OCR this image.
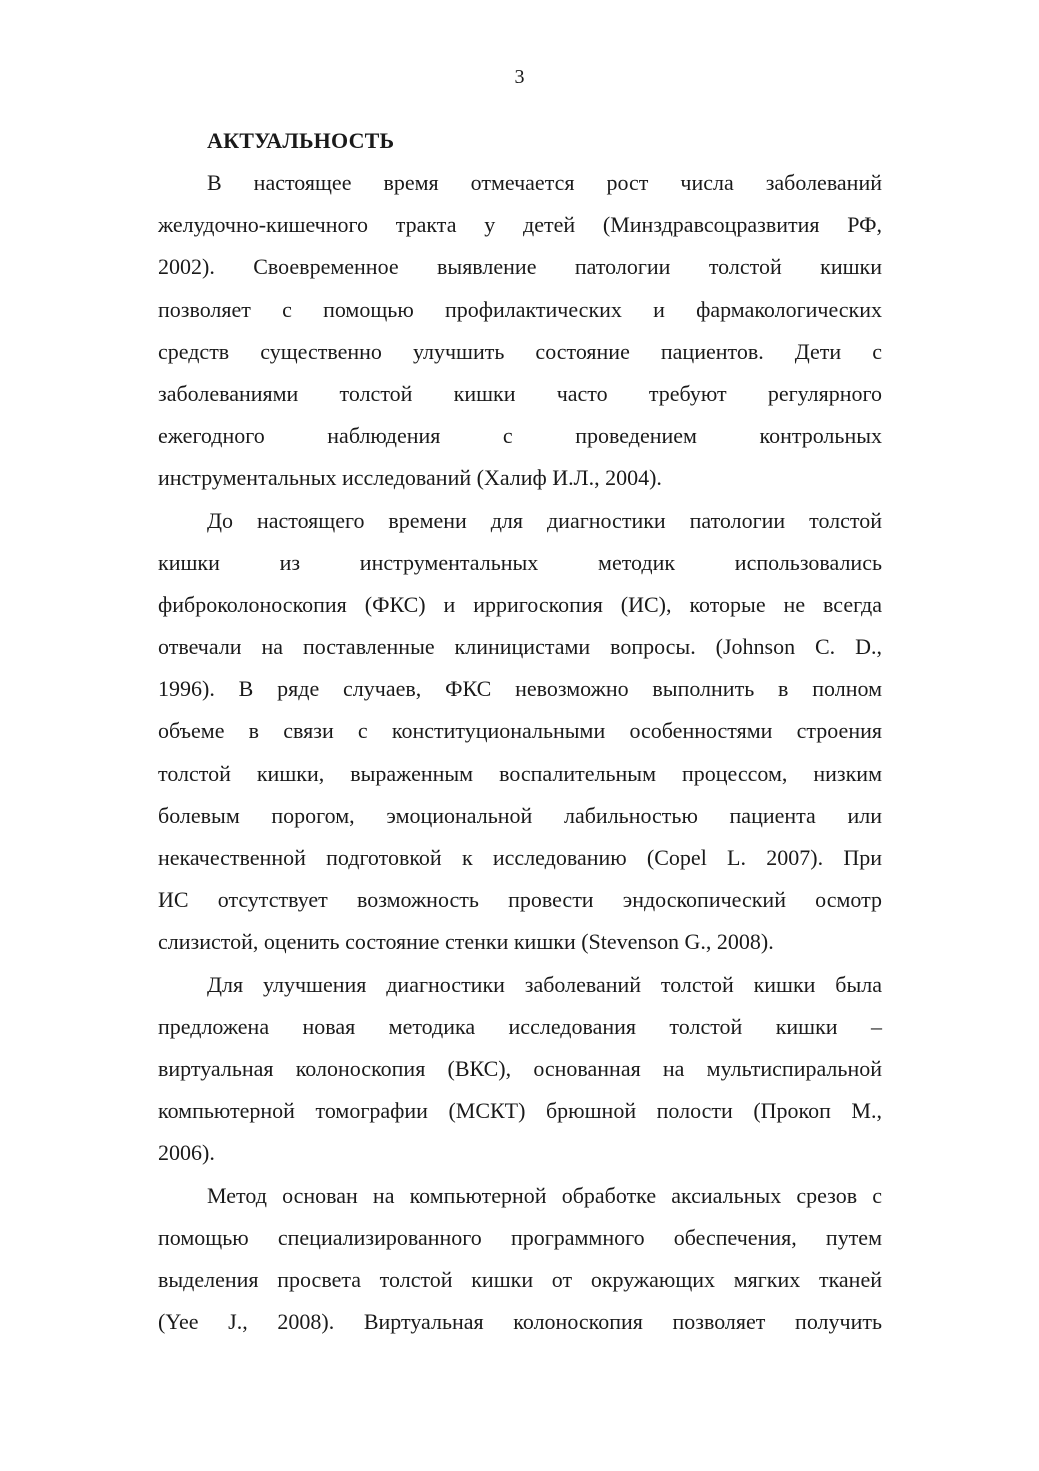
3
АКТУАЛЬНОСТЬ
В настоящее время отмечается рост числа заболеваний
желудочно-кишечного тракта у детей (Минздравсоцразвития РФ,
2002). Своевременное выявление патологии толстой кишки
позволяет с помощью профилактических и фармакологических
средств существенно улучшить состояние пациентов. Дети с
заболеваниями толстой кишки часто требуют регулярного
ежегодного наблюдения с проведением контрольных
инструментальных исследований (Халиф И.Л., 2004).
До настоящего времени для диагностики патологии толстой
кишки из инструментальных методик использовались
фиброколоноскопия (ФКС) и ирригоскопия (ИС), которые не всегда
отвечали на поставленные клиницистами вопросы. (Johnson C. D.,
1996). В ряде случаев, ФКС невозможно выполнить в полном
объеме в связи с конституциональными особенностями строения
толстой кишки, выраженным воспалительным процессом, низким
болевым порогом, эмоциональной лабильностью пациента или
некачественной подготовкой к исследованию (Copel L. 2007). При
ИС отсутствует возможность провести эндоскопический осмотр
слизистой, оценить состояние стенки кишки (Stevenson G., 2008).
Для улучшения диагностики заболеваний толстой кишки была
предложена новая методика исследования толстой кишки –
виртуальная колоноскопия (ВКС), основанная на мультиспиральной
компьютерной томографии (МСКТ) брюшной полости (Прокоп М.,
2006).
Метод основан на компьютерной обработке аксиальных срезов с
помощью специализированного программного обеспечения, путем
выделения просвета толстой кишки от окружающих мягких тканей
(Yee J., 2008). Виртуальная колоноскопия позволяет получить
